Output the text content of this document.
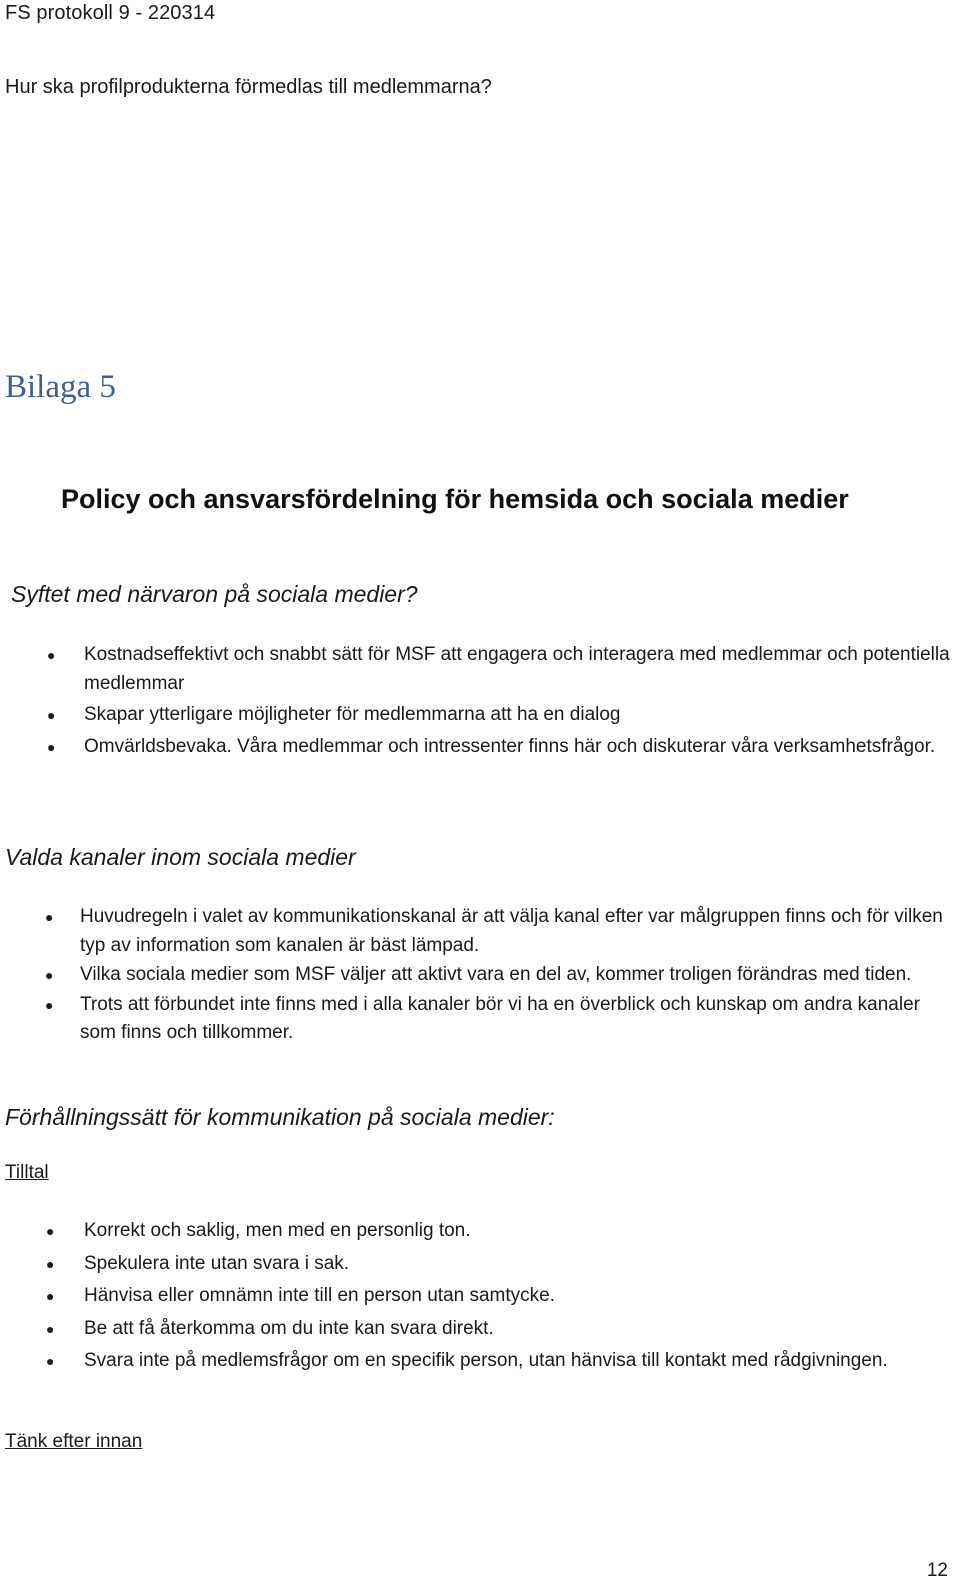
FS protokoll 9 - 220314

Hur ska profilprodukterna förmedlas till medlemmarna?

Bilaga 5
Policy och ansvarsfördelning för hemsida och sociala medier
Syftet med närvaron på sociala medier?
● Kostnadseffektivt och snabbt sätt för MSF att engagera och interagera med medlemmar och potentiella medlemmar
● Skapar ytterligare möjligheter för medlemmarna att ha en dialog
● Omvärldsbevaka. Våra medlemmar och intressenter finns här och diskuterar våra verksamhetsfrågor.
Valda kanaler inom sociala medier
● Huvudregeln i valet av kommunikationskanal är att välja kanal efter var målgruppen finns och för vilken typ av information som kanalen är bäst lämpad.
● Vilka sociala medier som MSF väljer att aktivt vara en del av, kommer troligen förändras med tiden.
● Trots att förbundet inte finns med i alla kanaler bör vi ha en överblick och kunskap om andra kanaler som finns och tillkommer.
Förhållningssätt för kommunikation på sociala medier:

Tilltal

● Korrekt och saklig, men med en personlig ton.
● Spekulera inte utan svara i sak.
● Hänvisa eller omnämn inte till en person utan samtycke.
● Be att få återkomma om du inte kan svara direkt.
● Svara inte på medlemsfrågor om en specifik person, utan hänvisa till kontakt med rådgivningen.

Tänk efter innan

12
